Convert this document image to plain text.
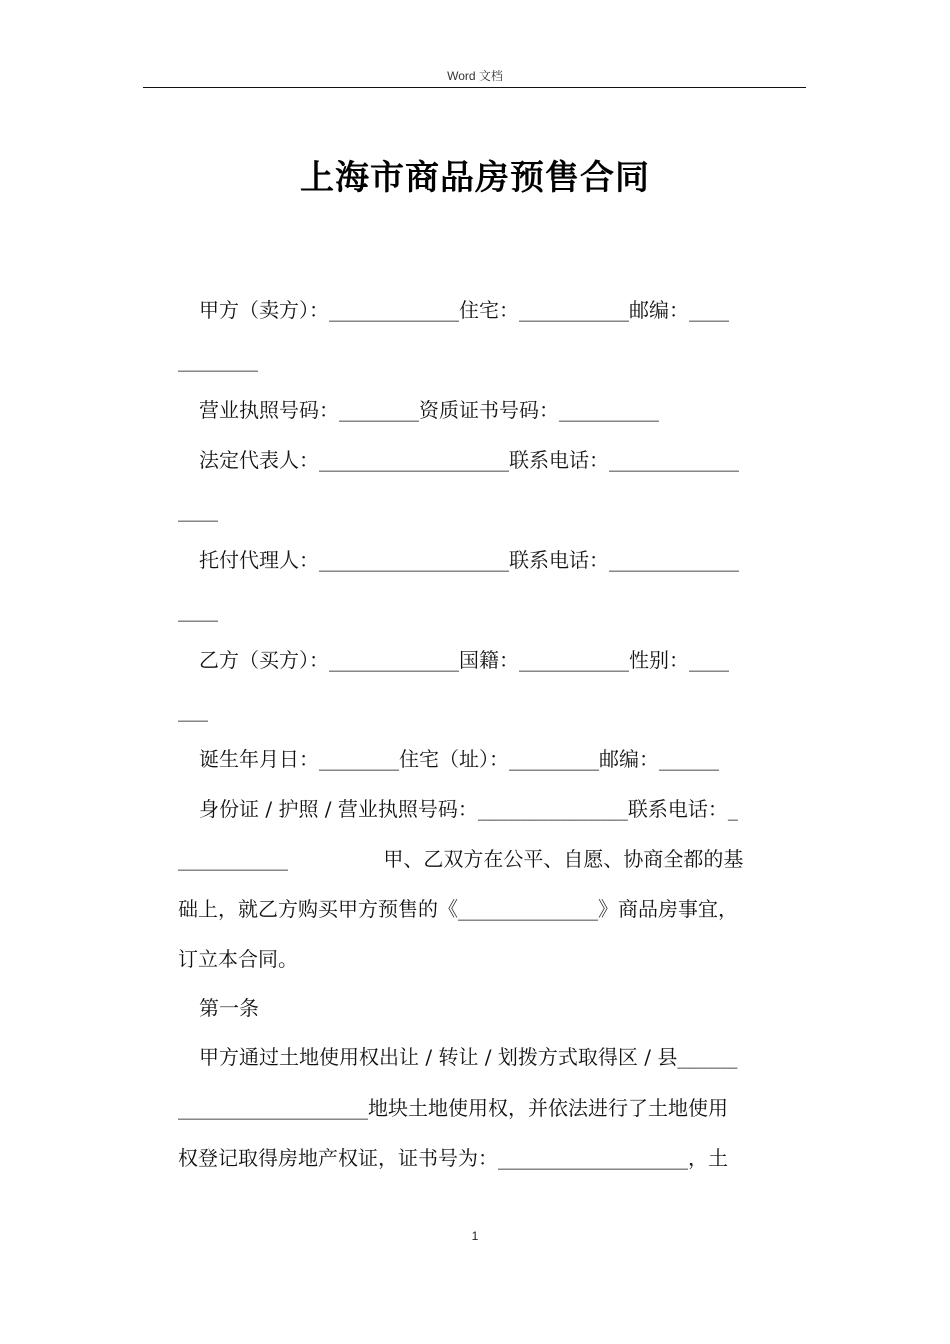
Word 文档
上海市商品房预售合同
甲方（卖方）：_____________住宅：___________邮编：____
________
营业执照号码：________资质证书号码：__________
法定代表人：___________________联系电话：_____________
____
托付代理人：___________________联系电话：_____________
____
乙方（买方）：_____________国籍：___________性别：____
___
诞生年月日：________住宅（址）：_________邮编：______
身份证 / 护照 / 营业执照号码：_______________联系电话：_
___________               甲、乙双方在公平、自愿、协商全都的基
础上，就乙方购买甲方预售的《______________》商品房事宜，
订立本合同。
第一条
甲方通过土地使用权出让 / 转让 / 划拨方式取得区 / 县______
___________________地块土地使用权，并依法进行了土地使用
权登记取得房地产权证，证书号为：___________________，土
1
